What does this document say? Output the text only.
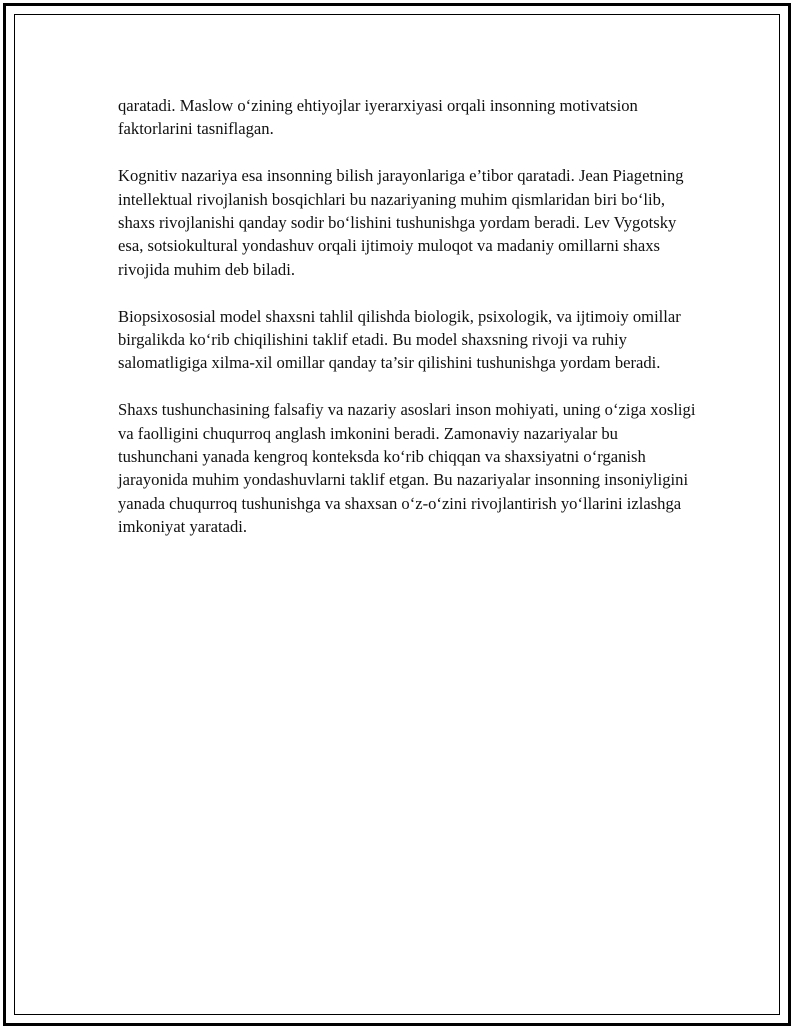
qaratadi. Maslow o‘zining ehtiyojlar iyerarxiyasi orqali insonning motivatsion faktorlarini tasniflagan.

Kognitiv nazariya esa insonning bilish jarayonlariga e’tibor qaratadi. Jean Piagetning intellektual rivojlanish bosqichlari bu nazariyaning muhim qismlaridan biri bo‘lib, shaxs rivojlanishi qanday sodir bo‘lishini tushunishga yordam beradi. Lev Vygotsky esa, sotsiokultural yondashuv orqali ijtimoiy muloqot va madaniy omillarni shaxs rivojida muhim deb biladi.

Biopsixososial model shaxsni tahlil qilishda biologik, psixologik, va ijtimoiy omillar birgalikda ko‘rib chiqilishini taklif etadi. Bu model shaxsning rivoji va ruhiy salomatligiga xilma-xil omillar qanday ta’sir qilishini tushunishga yordam beradi.

Shaxs tushunchasining falsafiy va nazariy asoslari inson mohiyati, uning o‘ziga xosligi va faolligini chuqurroq anglash imkonini beradi. Zamonaviy nazariyalar bu tushunchani yanada kengroq konteksda ko‘rib chiqqan va shaxsiyatni o‘rganish jarayonida muhim yondashuvlarni taklif etgan. Bu nazariyalar insonning insoniyligini yanada chuqurroq tushunishga va shaxsan o‘z-o‘zini rivojlantirish yo‘llarini izlashga imkoniyat yaratadi.
